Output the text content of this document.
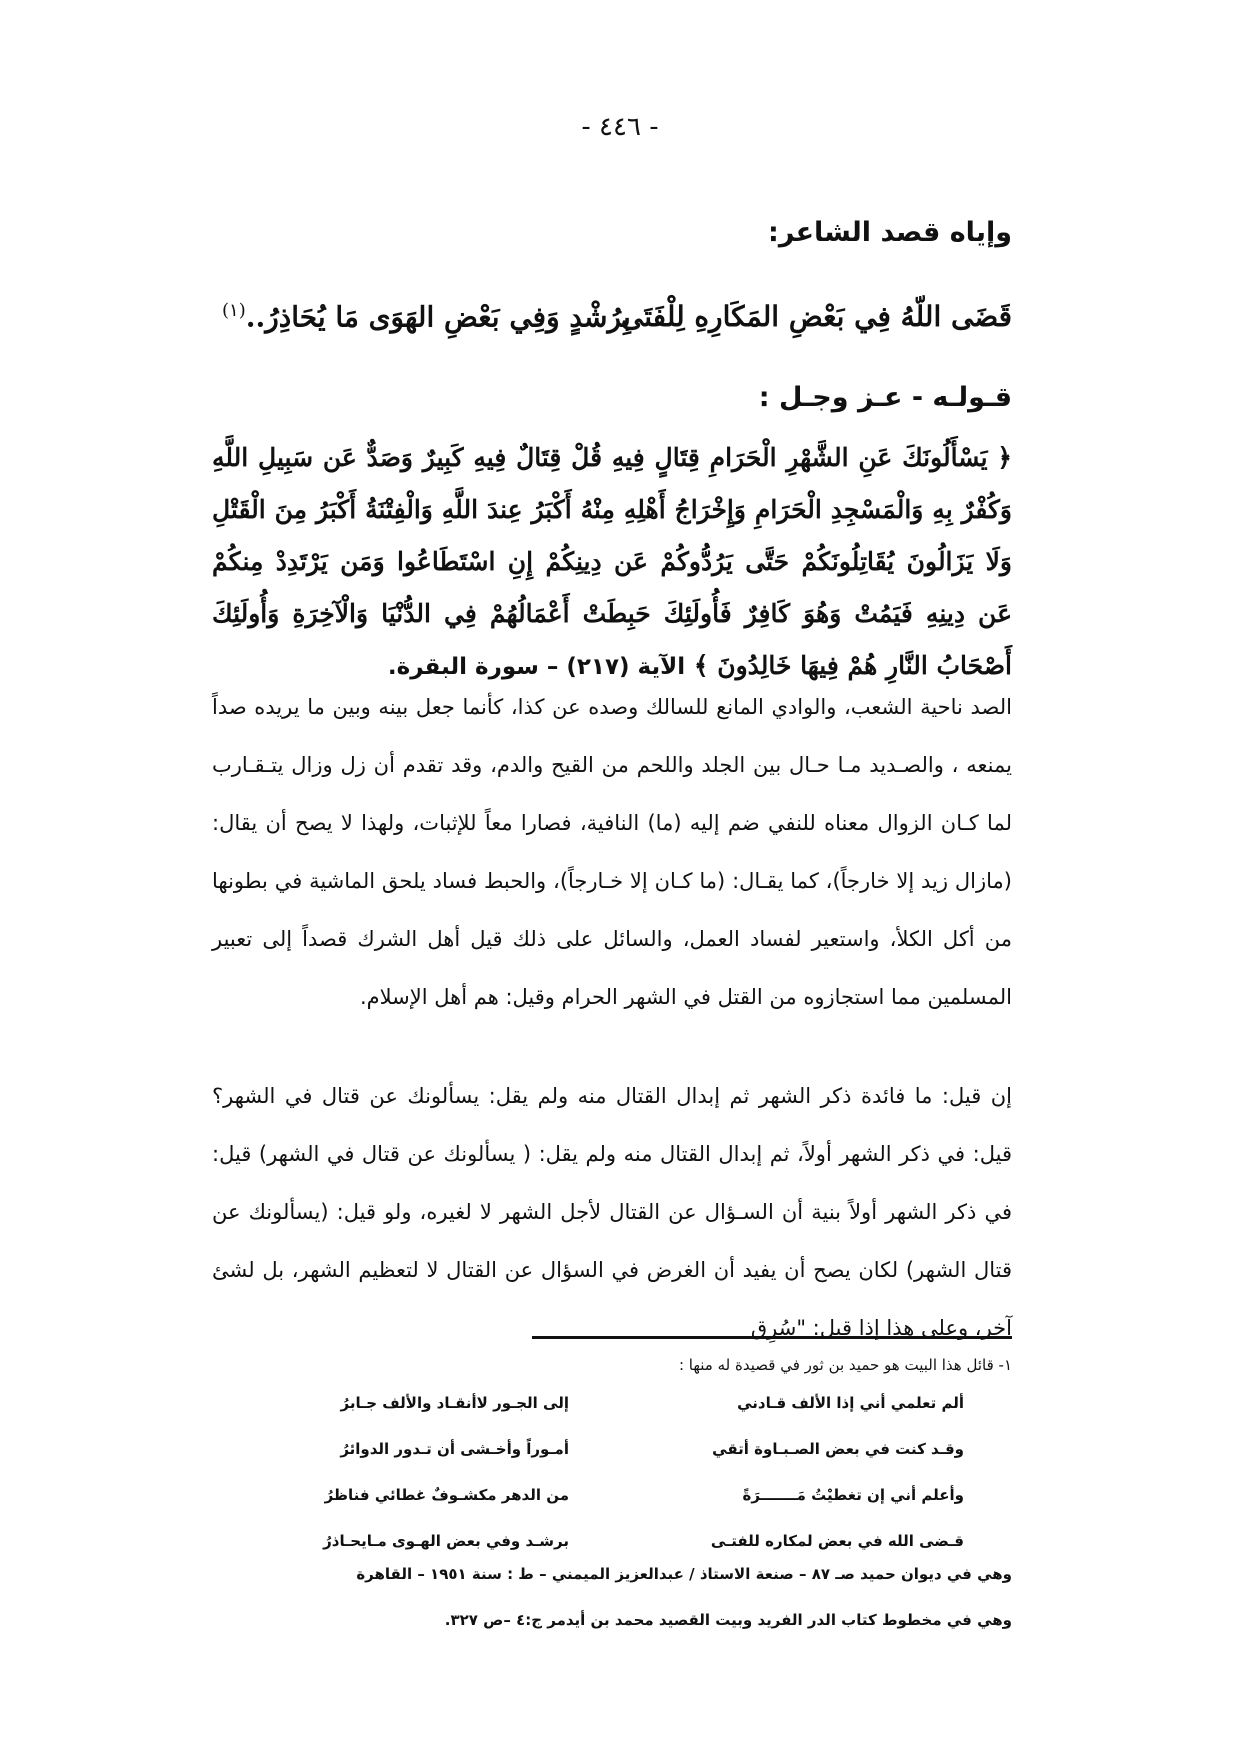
- ٤٤٦ -
وإياه قصد الشاعر:
قَضَى اللّهُ فِي بَعْضِ المَكَارِهِ لِلْفَتَى
بِرُشْدٍ وَفِي بَعْضِ الهَوَى مَا يُحَاذِرُ..$^{(١)}$
قـولـه - عـز وجـل :
﴿ يَسْأَلُونَكَ عَنِ الشَّهْرِ الْحَرَامِ قِتَالٍ فِيهِ قُلْ قِتَالٌ فِيهِ كَبِيرٌ وَصَدٌّ عَن سَبِيلِ اللَّهِ وَكُفْرٌ بِهِ وَالْمَسْجِدِ الْحَرَامِ وَإِخْرَاجُ أَهْلِهِ مِنْهُ أَكْبَرُ عِندَ اللَّهِ وَالْفِتْنَةُ أَكْبَرُ مِنَ الْقَتْلِ وَلَا يَزَالُونَ يُقَاتِلُونَكُمْ حَتَّى يَرُدُّوكُمْ عَن دِينِكُمْ إِنِ اسْتَطَاعُوا وَمَن يَرْتَدِدْ مِنكُمْ عَن دِينِهِ فَيَمُتْ وَهُوَ كَافِرٌ فَأُولَئِكَ حَبِطَتْ أَعْمَالُهُمْ فِي الدُّنْيَا وَالْآخِرَةِ وَأُولَئِكَ أَصْحَابُ النَّارِ هُمْ فِيهَا خَالِدُونَ ﴾ الآية (٢١٧) – سورة البقرة.

الصد ناحية الشعب، والوادي المانع للسالك وصده عن كذا، كأنما جعل بينه وبين ما يريده صداً يمنعه ، والصـديد مـا حـال بين الجلد واللحم من القيح والدم، وقد تقدم أن زل وزال يتـقـارب لما كـان الزوال معناه للنفي ضم إليه (ما) النافية، فصارا معاً للإثبات، ولهذا لا يصح أن يقال: (مازال زيد إلا خارجاً)، كما يقـال: (ما كـان إلا خـارجاً)، والحبط فساد يلحق الماشية في بطونها من أكل الكلأ، واستعير لفساد العمل، والسائل على ذلك قيل أهل الشرك قصداً إلى تعبير المسلمين مما استجازوه من القتل في الشهر الحرام وقيل: هم أهل الإسلام.

إن قيل: ما فائدة ذكر الشهر ثم إبدال القتال منه ولم يقل: يسألونك عن قتال في الشهر؟ قيل: في ذكر الشهر أولاً، ثم إبدال القتال منه ولم يقل: ( يسألونك عن قتال في الشهر) قيل: في ذكر الشهر أولاً بنية أن السـؤال عن القتال لأجل الشهر لا لغيره، ولو قيل: (يسألونك عن قتال الشهر) لكان يصح أن يفيد أن الغرض في السؤال عن القتال لا لتعظيم الشهر، بل لشئ آخر، وعلى هذا إذا قيل: "سُرِق

١- قائل هذا البيت هو حميد بن ثور في قصيدة له منها :
ألم تعلمي أني إذا الألف قـادني
إلى الجـور لاأنقـاد والألف جـابرُ
وقـد كنت في بعض الصـبـاوة أتقي
أمـوراً وأخـشى أن تـدور الدوائرُ
وأعلم أني إن تغطيْتُ مَـــــــرَةً
من الدهر مكشـوفٌ غطائي فناظرُ
قـضى الله في بعض لمكاره للفتـى
برشـد وفي بعض الهـوى مـايحـاذرُ
وهي في ديوان حميد صـ ٨٧ – صنعة الاستاذ / عبدالعزيز الميمني – ط : سنة ١٩٥١ – القاهرة
وهي في مخطوط كتاب الدر الفريد وبيت القصيد محمد بن أيدمر ج:٤ –ص ٣٢٧.
